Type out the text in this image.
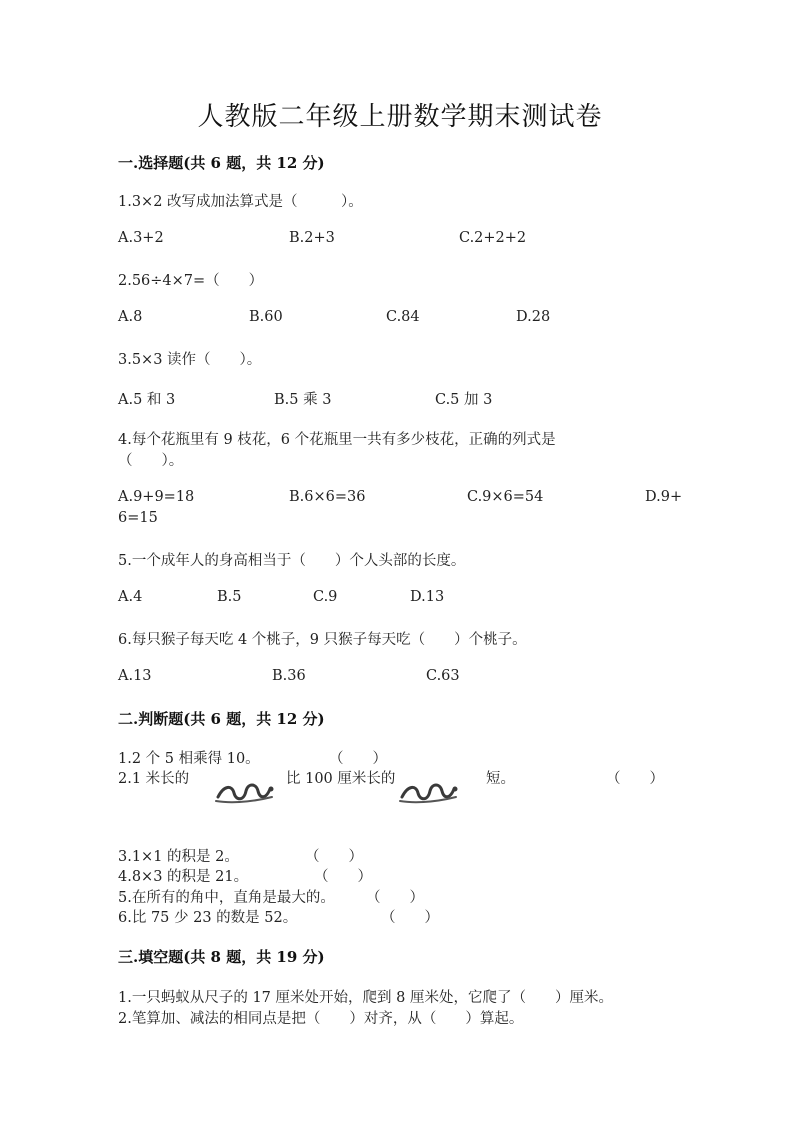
人教版二年级上册数学期末测试卷
一.选择题(共 6 题，共 12 分)
1.3×2 改写成加法算式是（　　　）。
A.3+2	B.2+3	C.2+2+2
2.56÷4×7=（　　）
A.8	B.60	C.84	D.28
3.5×3 读作（　　）。
A.5 和 3	B.5 乘 3	C.5 加 3
4.每个花瓶里有 9 枝花，6 个花瓶里一共有多少枝花，正确的列式是
（　　）。
A.9+9=18	B.6×6=36	C.9×6=54	D.9+
6=15
5.一个成年人的身高相当于（　　）个人头部的长度。
A.4	B.5	C.9	D.13
6.每只猴子每天吃 4 个桃子，9 只猴子每天吃（　　）个桃子。
A.13	B.36	C.63
二.判断题(共 6 题，共 12 分)
1.2 个 5 相乘得 10。	（　　）
2.1 米长的	比 100 厘米长的	短。	（　　）
3.1×1 的积是 2。	（　　）
4.8×3 的积是 21。	（　　）
5.在所有的角中，直角是最大的。 （　　）
6.比 75 少 23 的数是 52。	（　　）
三.填空题(共 8 题，共 19 分)
1.一只蚂蚁从尺子的 17 厘米处开始，爬到 8 厘米处，它爬了（　　）厘米。
2.笔算加、减法的相同点是把（　　）对齐，从（　　）算起。
